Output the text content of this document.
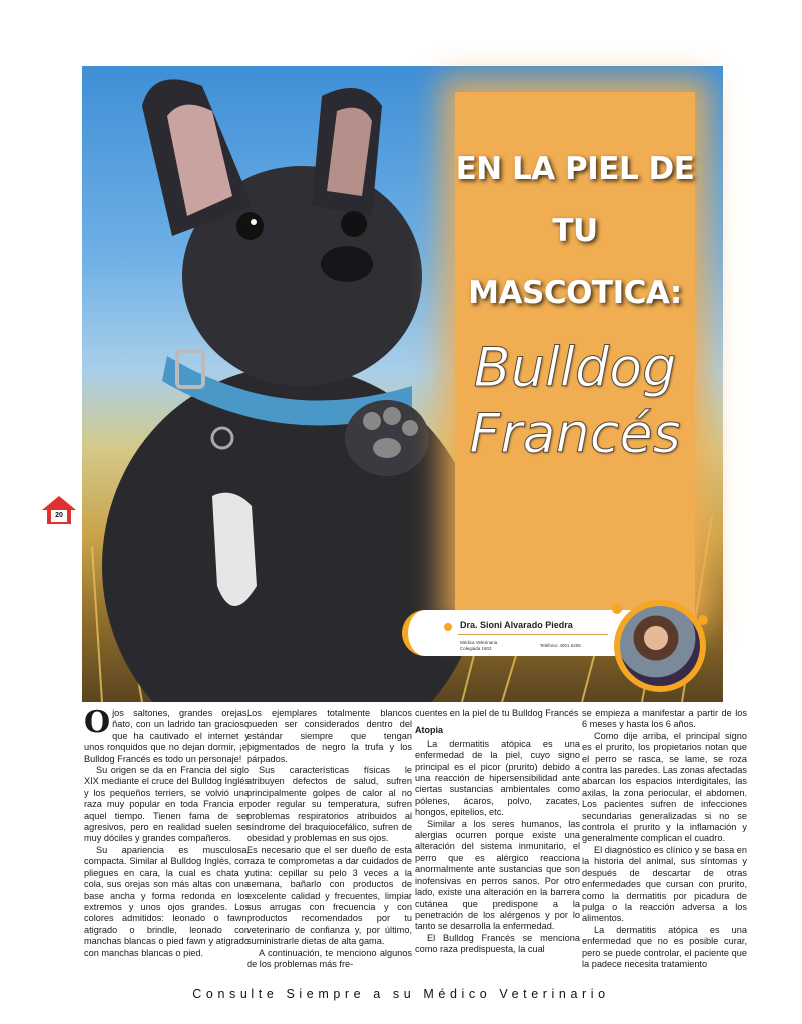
EN LA PIEL DE
TU MASCOTICA:
Bulldog
Francés
Dra. Sioni Alvarado Piedra
Médica Veterinaria
Colegiada 1903
Teléfono: 4001 6206
20

Ojos saltones, grandes orejas, ñato, con un ladrido tan gracioso que ha cautivado el internet y unos ronquidos que no dejan dormir, ¡el Bulldog Francés es todo un personaje!

Su origen se da en Francia del siglo XIX mediante el cruce del Bulldog Inglés y los pequeños terriers, se volvió una raza muy popular en toda Francia en aquel tiempo. Tienen fama de ser agresivos, pero en realidad suelen ser muy dóciles y grandes compañeros.

Su apariencia es musculosa, compacta. Similar al Bulldog Inglés, con pliegues en cara, la cual es chata y cola, sus orejas son más altas con una base ancha y forma redonda en los extremos y unos ojos grandes. Los colores admitidos: leonado o fawn, atigrado o brindle, leonado con manchas blancas o pied fawn y atigrado con manchas blancas o pied.

Los ejemplares totalmente blancos pueden ser considerados dentro del estándar siempre que tengan pigmentados de negro la trufa y los párpados.

Sus características físicas le atribuyen defectos de salud, sufren principalmente golpes de calor al no poder regular su temperatura, sufren problemas respiratorios atribuidos al síndrome del braquiocefálico, sufren de obesidad y problemas en sus ojos.

Es necesario que el ser dueño de esta raza te comprometas a dar cuidados de rutina: cepillar su pelo 3 veces a la semana, bañarlo con productos de excelente calidad y frecuentes, limpiar sus arrugas con frecuencia y con productos recomendados por tu veterinario de confianza y, por último, suministrarle dietas de alta gama.

A continuación, te menciono algunos de los problemas más fre-

cuentes en la piel de tu Bulldog Francés

Atopia

La dermatitis atópica es una enfermedad de la piel, cuyo signo principal es el picor (prurito) debido a una reacción de hipersensibilidad ante ciertas sustancias ambientales como pólenes, ácaros, polvo, zacates, hongos, epitelios, etc.

Similar a los seres humanos, las alergias ocurren porque existe una alteración del sistema inmunitario, el perro que es alérgico reacciona anormalmente ante sustancias que son inofensivas en perros sanos. Por otro lado, existe una alteración en la barrera cutánea que predispone a la penetración de los alérgenos y por lo tanto se desarrolla la enfermedad.

El Bulldog Francés se menciona como raza predispuesta, la cual

se empieza a manifestar a partir de los 6 meses y hasta los 6 años.

Como dije arriba, el principal signo es el prurito, los propietarios notan que el perro se rasca, se lame, se roza contra las paredes. Las zonas afectadas abarcan los espacios interdigitales, las axilas, la zona periocular, el abdomen. Los pacientes sufren de infecciones secundarias generalizadas si no se controla el prurito y la inflamación y generalmente complican el cuadro.

El diagnóstico es clínico y se basa en la historia del animal, sus síntomas y después de descartar de otras enfermedades que cursan con prurito, como la dermatitis por picadura de pulga o la reacción adversa a los alimentos.

La dermatitis atópica es una enfermedad que no es posible curar, pero se puede controlar, el paciente que la padece necesita tratamiento

Consulte Siempre a su Médico Veterinario
